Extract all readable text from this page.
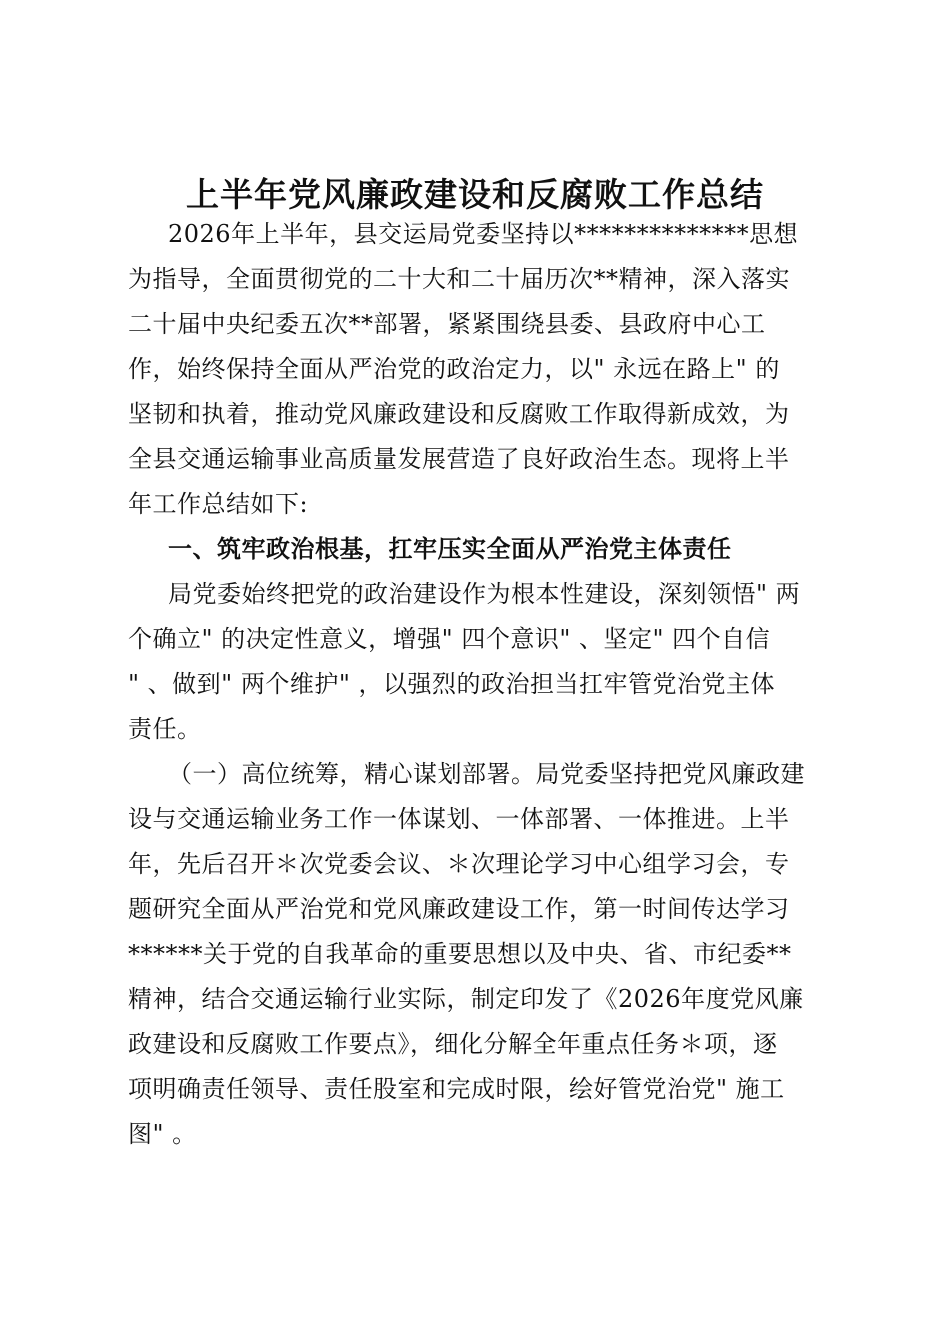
上半年党风廉政建设和反腐败工作总结
2026年上半年，县交运局党委坚持以**************思想
为指导，全面贯彻党的二十大和二十届历次**精神，深入落实
二十届中央纪委五次**部署，紧紧围绕县委、县政府中心工
作，始终保持全面从严治党的政治定力，以" 永远在路上" 的
坚韧和执着，推动党风廉政建设和反腐败工作取得新成效，为
全县交通运输事业高质量发展营造了良好政治生态。现将上半
年工作总结如下:
一、筑牢政治根基，扛牢压实全面从严治党主体责任
局党委始终把党的政治建设作为根本性建设，深刻领悟" 两
个确立" 的决定性意义，增强" 四个意识" 、坚定" 四个自信
" 、做到" 两个维护" ，以强烈的政治担当扛牢管党治党主体
责任。
（一）高位统筹，精心谋划部署。局党委坚持把党风廉政建
设与交通运输业务工作一体谋划、一体部署、一体推进。上半
年，先后召开＊次党委会议、＊次理论学习中心组学习会，专
题研究全面从严治党和党风廉政建设工作，第一时间传达学习
******关于党的自我革命的重要思想以及中央、省、市纪委**
精神，结合交通运输行业实际，制定印发了《2026年度党风廉
政建设和反腐败工作要点》，细化分解全年重点任务＊项，逐
项明确责任领导、责任股室和完成时限，绘好管党治党" 施工
图" 。
